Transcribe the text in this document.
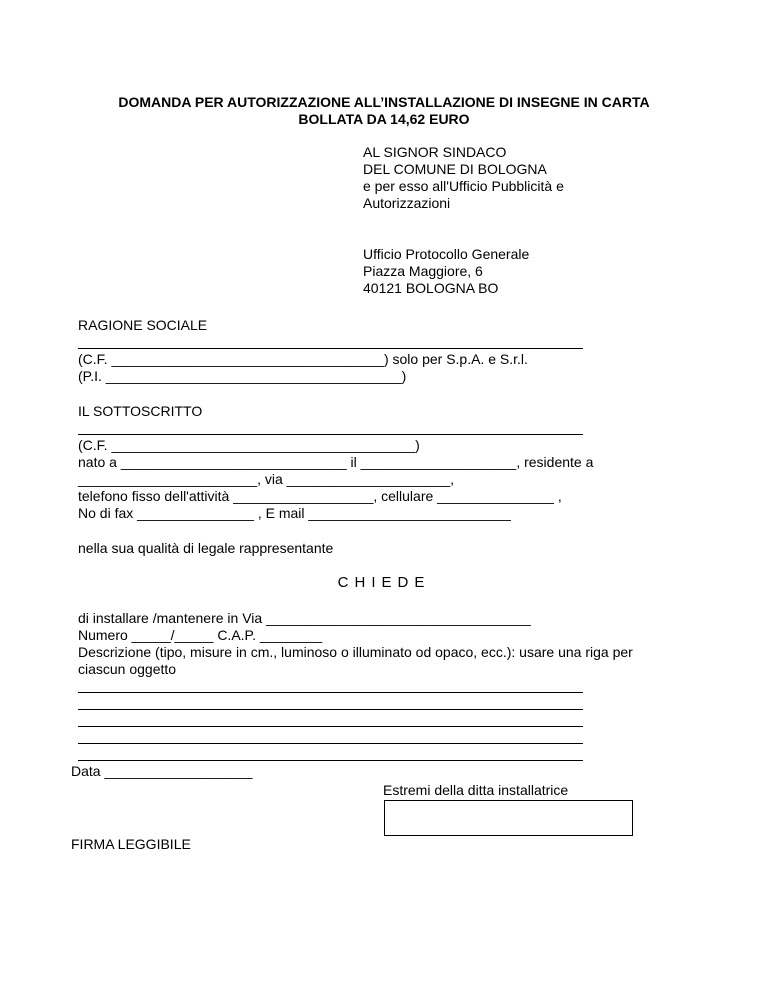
DOMANDA PER AUTORIZZAZIONE ALL’INSTALLAZIONE DI INSEGNE IN CARTA
BOLLATA DA 14,62 EURO
AL SIGNOR SINDACO
DEL COMUNE DI BOLOGNA
e per esso all'Ufficio Pubblicità e
Autorizzazioni
Ufficio Protocollo Generale
Piazza Maggiore, 6
40121 BOLOGNA BO
RAGIONE SOCIALE
(C.F. ___________________________________) solo per S.p.A. e S.r.l.
(P.I. ______________________________________)
IL SOTTOSCRITTO
(C.F. _______________________________________)
nato a _____________________________ il ____________________, residente a
_______________________, via _____________________,
telefono fisso dell'attività __________________, cellulare _______________ ,
No di fax _______________ , E mail __________________________
nella sua qualità di legale rappresentante
CHIEDE
di installare /mantenere in Via __________________________________
Numero _____/_____ C.A.P. ________
Descrizione (tipo, misure in cm., luminoso o illuminato od opaco, ecc.): usare una riga per
ciascun oggetto
Data ___________________
Estremi della ditta installatrice
FIRMA LEGGIBILE
